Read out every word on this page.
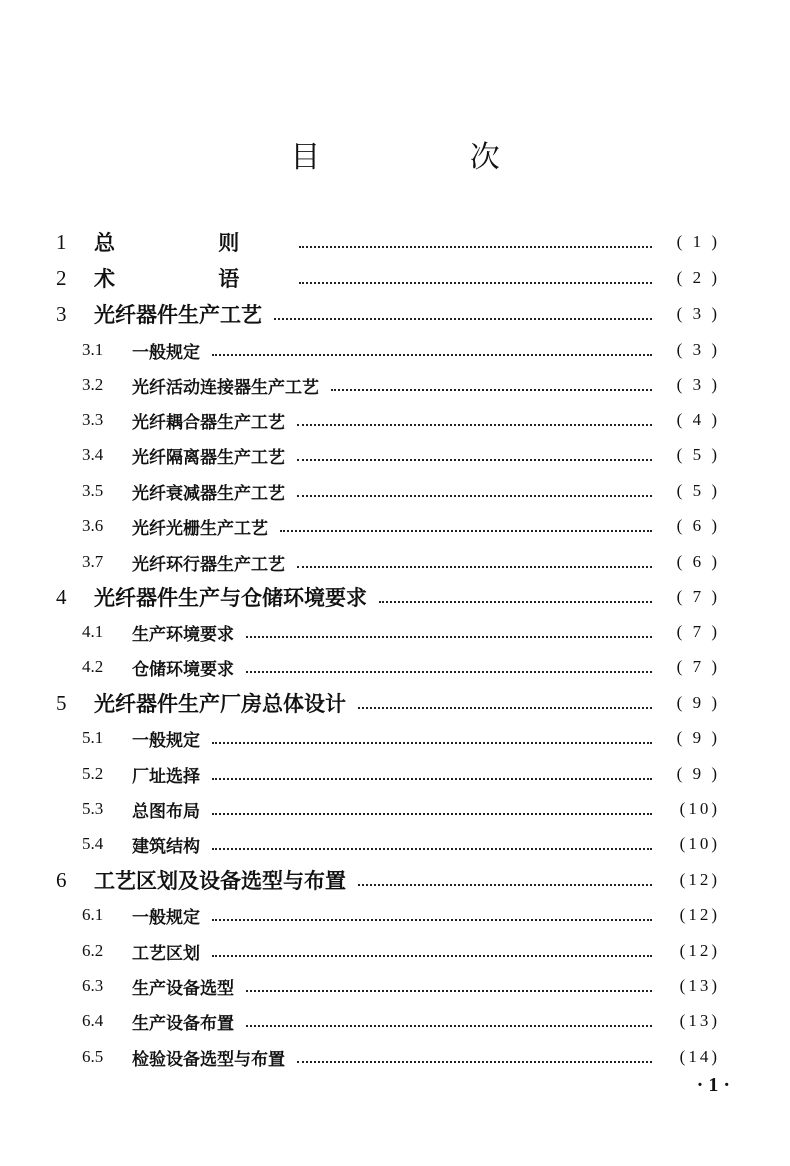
目 次
1	总 则	( 1 )
2	术 语	( 2 )
3	光纤器件生产工艺	( 3 )
3.1	一般规定	( 3 )
3.2	光纤活动连接器生产工艺	( 3 )
3.3	光纤耦合器生产工艺	( 4 )
3.4	光纤隔离器生产工艺	( 5 )
3.5	光纤衰减器生产工艺	( 5 )
3.6	光纤光栅生产工艺	( 6 )
3.7	光纤环行器生产工艺	( 6 )
4	光纤器件生产与仓储环境要求	( 7 )
4.1	生产环境要求	( 7 )
4.2	仓储环境要求	( 7 )
5	光纤器件生产厂房总体设计	( 9 )
5.1	一般规定	( 9 )
5.2	厂址选择	( 9 )
5.3	总图布局	(10)
5.4	建筑结构	(10)
6	工艺区划及设备选型与布置	(12)
6.1	一般规定	(12)
6.2	工艺区划	(12)
6.3	生产设备选型	(13)
6.4	生产设备布置	(13)
6.5	检验设备选型与布置	(14)
· 1 ·
